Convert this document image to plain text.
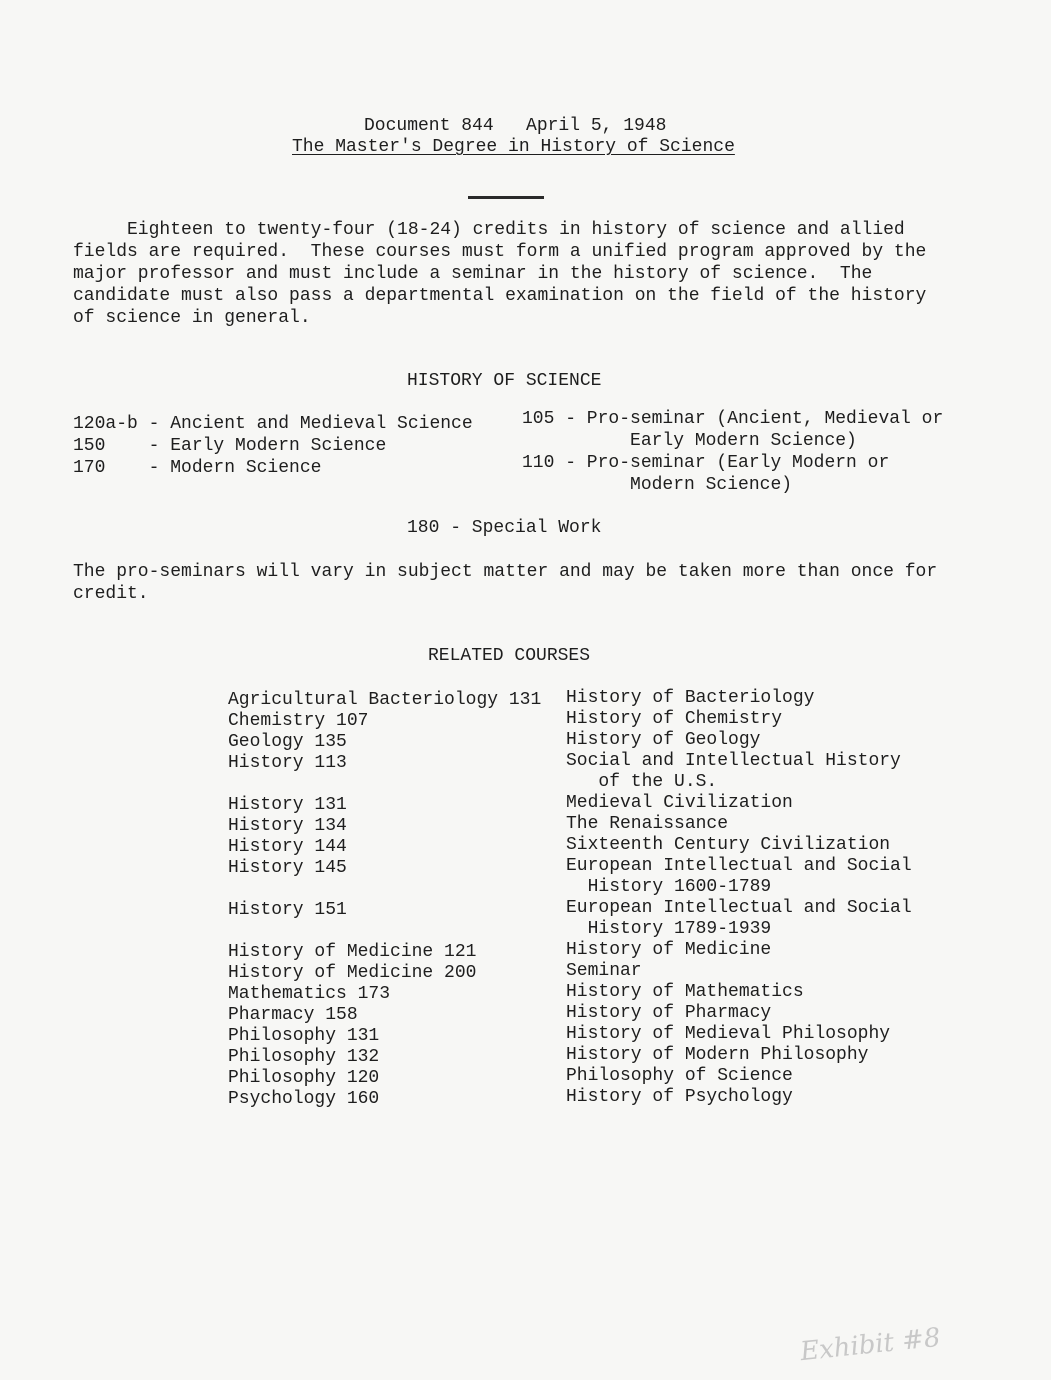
Document 844   April 5, 1948
The Master's Degree in History of Science
Eighteen to twenty-four (18-24) credits in history of science and allied
fields are required.  These courses must form a unified program approved by the
major professor and must include a seminar in the history of science.  The
candidate must also pass a departmental examination on the field of the history
of science in general.
HISTORY OF SCIENCE
120a-b - Ancient and Medieval Science
150    - Early Modern Science
170    - Modern Science
105 - Pro-seminar (Ancient, Medieval or
Early Modern Science)
110 - Pro-seminar (Early Modern or
Modern Science)
180 - Special Work
The pro-seminars will vary in subject matter and may be taken more than once for
credit.
RELATED COURSES
Agricultural Bacteriology 131 History of Bacteriology
Chemistry 107	History of Chemistry
Geology 135	History of Geology
History 113	Social and Intellectual History
of the U.S.
History 131	Medieval Civilization
History 134	The Renaissance
History 144	Sixteenth Century Civilization
History 145	European Intellectual and Social
History 1600-1789
History 151	European Intellectual and Social
History 1789-1939
History of Medicine 121	History of Medicine
History of Medicine 200	Seminar
Mathematics 173	History of Mathematics
Pharmacy 158	History of Pharmacy
Philosophy 131	History of Medieval Philosophy
Philosophy 132	History of Modern Philosophy
Philosophy 120	Philosophy of Science
Psychology 160	History of Psychology
Exhibit #8
